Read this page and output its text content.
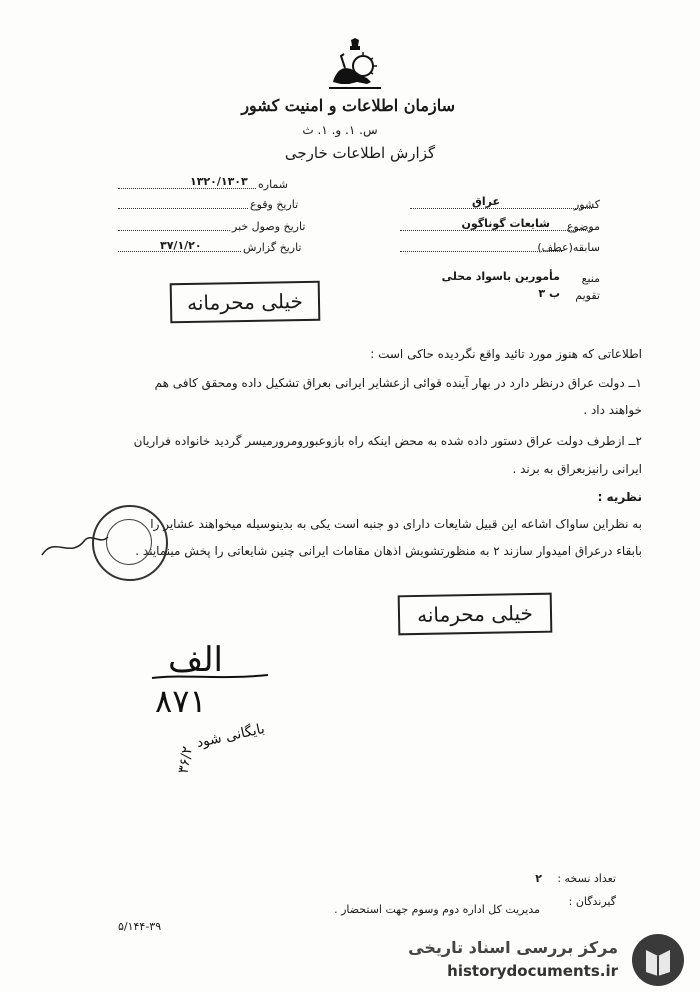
سازمان اطلاعات و امنیت کشور
س. ۱. و. ۱. ث
گزارش اطلاعات خارجی
شماره
۱۳۲۰/۱۳۰۳
تاریخ وقوع
تاریخ وصول خبر
تاریخ گزارش
۳۷/۱/۲۰
کشور
عراق
موضوع
شایعات گوناگون
سابقه(عطف)
منبع
مأمورین باسواد محلی
تقویم
ب ۳
خیلی محرمانه
اطلاعاتی که هنوز مورد تائید واقع نگردیده حاکی است :
۱ــ دولت عراق درنظر دارد در بهار آینده قوائی ازعشایر ایرانی بعراق تشکیل داده ومحقق کافی هم
خواهند داد .
۲ــ ازطرف دولت عراق دستور داده شده به محض اینکه راه بازوعبورومرورمیسر گردید خانواده فراریان
ایرانی رانیزبعراق به برند .
نظریه :
به نظراین ساواک اشاعه این قبیل شایعات دارای دو جنبه است یکی به بدینوسیله میخواهند عشایر را
بابقاء درعراق امیدوار سازند ۲ به منظورتشویش اذهان مقامات ایرانی چنین شایعاتی را پخش مینمایند .
خیلی محرمانه
الف
۸۷۱
بایگانی شود
۳۶/۲
تعداد نسخه :
۲
گیرندگان :
مدیریت کل اداره دوم وسوم جهت استحضار .
۵/۱۴۴-۳۹
مرکز بررسی اسناد تاریخی
historydocuments.ir
